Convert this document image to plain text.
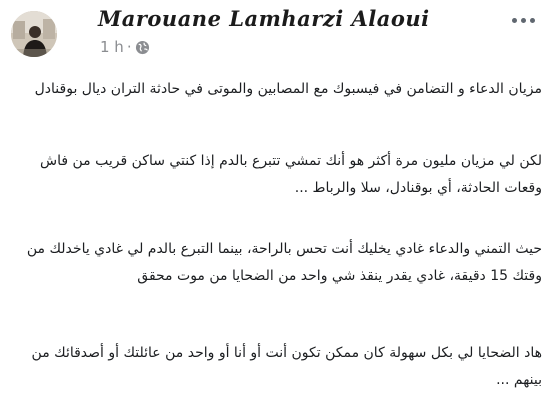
Marouane Lamharzi Alaoui
1 h ·

مزيان الدعاء و التضامن في فيسبوك مع المصابين والموتى في حادثة التران ديال بوقنادل

لكن لي مزيان مليون مرة أكثر هو أنك تمشي تتبرع بالدم إذا كنتي ساكن قريب من فاش وقعات الحادثة، أي بوقنادل، سلا والرباط ...

حيث التمني والدعاء غادي يخليك أنت تحس بالراحة، بينما التبرع بالدم لي غادي ياخدلك من وقتك 15 دقيقة، غادي يقدر ينقذ شي واحد من الضحايا من موت محقق

هاد الضحايا لي بكل سهولة كان ممكن تكون أنت أو أنا أو واحد من عائلتك أو أصدقائك من بينهم ...
